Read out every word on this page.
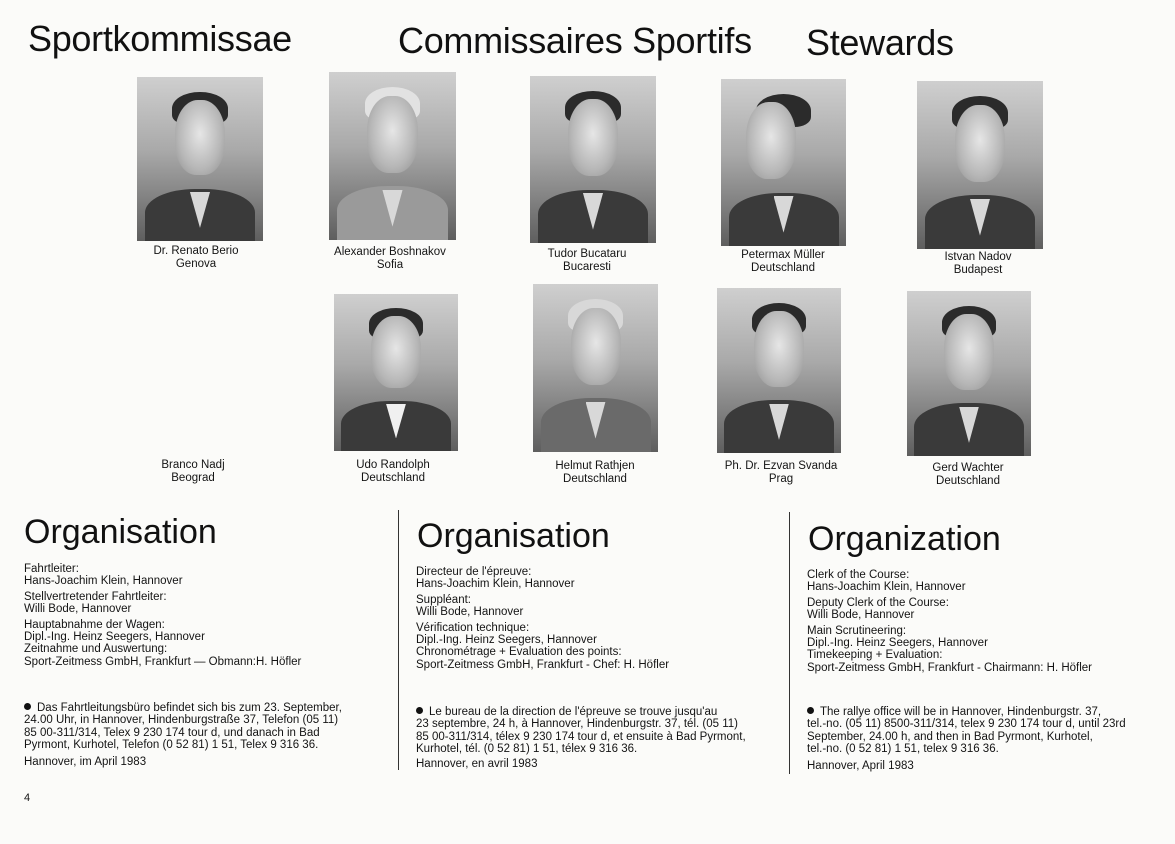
Sportkommissae	Commissaires Sportifs Stewards
Dr. Renato Berio
Genova
Alexander Boshnakov
Sofia
Tudor Bucataru
Bucaresti
Petermax Müller
Deutschland
Istvan Nadov
Budapest
Branco Nadj
Beograd
Udo Randolph
Deutschland
Helmut Rathjen
Deutschland
Ph. Dr. Ezvan Svanda
Prag
Gerd Wachter
Deutschland
Organisation
Fahrtleiter:
Hans-Joachim Klein, Hannover
Stellvertretender Fahrtleiter:
Willi Bode, Hannover
Hauptabnahme der Wagen:
Dipl.-Ing. Heinz Seegers, Hannover
Zeitnahme und Auswertung:
Sport-Zeitmess GmbH, Frankfurt — Obmann:H. Höfler
Das Fahrtleitungsbüro befindet sich bis zum 23. September,
24.00 Uhr, in Hannover, Hindenburgstraße 37, Telefon (05 11)
85 00-311/314, Telex 9 230 174 tour d, und danach in Bad
Pyrmont, Kurhotel, Telefon (0 52 81) 1 51, Telex 9 316 36.
Hannover, im April 1983
Organisation
Directeur de l'épreuve:
Hans-Joachim Klein, Hannover
Suppléant:
Willi Bode, Hannover
Vérification technique:
Dipl.-Ing. Heinz Seegers, Hannover
Chronométrage + Evaluation des points:
Sport-Zeitmess GmbH, Frankfurt - Chef: H. Höfler
Le bureau de la direction de l'épreuve se trouve jusqu'au
23 septembre, 24 h, à Hannover, Hindenburgstr. 37, tél. (05 11)
85 00-311/314, télex 9 230 174 tour d, et ensuite à Bad Pyrmont,
Kurhotel, tél. (0 52 81) 1 51, télex 9 316 36.
Hannover, en avril 1983
Organization
Clerk of the Course:
Hans-Joachim Klein, Hannover
Deputy Clerk of the Course:
Willi Bode, Hannover
Main Scrutineering:
Dipl.-Ing. Heinz Seegers, Hannover
Timekeeping + Evaluation:
Sport-Zeitmess GmbH, Frankfurt - Chairmann: H. Höfler
The rallye office will be in Hannover, Hindenburgstr. 37,
tel.-no. (05 11) 8500-311/314, telex 9 230 174 tour d, until 23rd
September, 24.00 h, and then in Bad Pyrmont, Kurhotel,
tel.-no. (0 52 81) 1 51, telex 9 316 36.
Hannover, April 1983
4
